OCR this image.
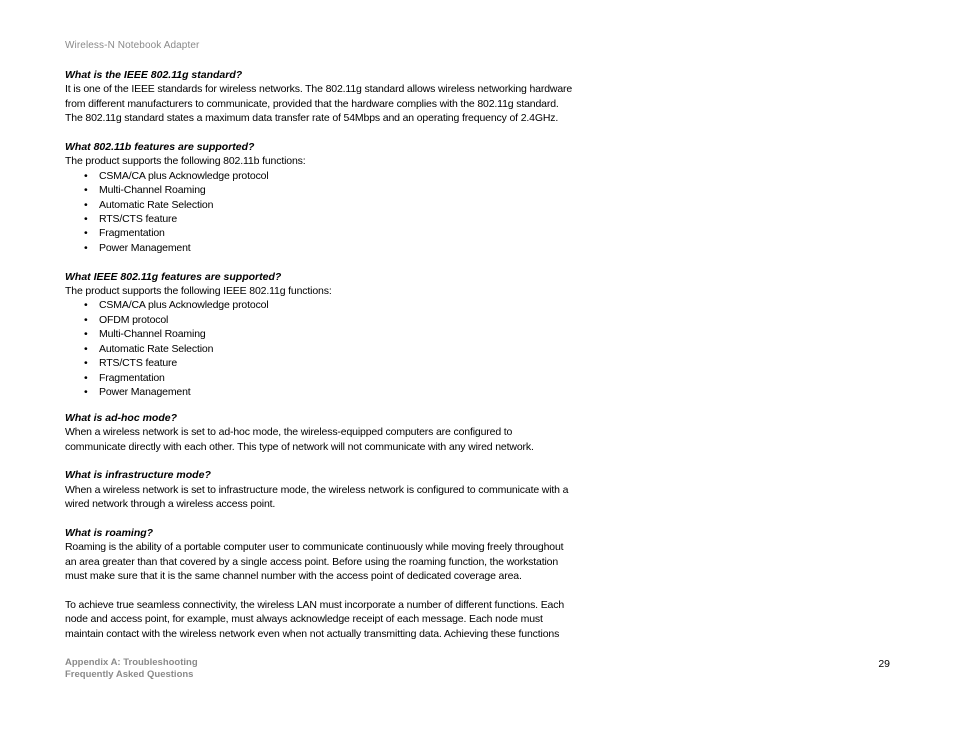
Wireless-N Notebook Adapter

What is the IEEE 802.11g standard?

It is one of the IEEE standards for wireless networks. The 802.11g standard allows wireless networking hardware

from different manufacturers to communicate, provided that the hardware complies with the 802.11g standard.

The 802.11g standard states a maximum data transfer rate of 54Mbps and an operating frequency of 2.4GHz.

What 802.11b features are supported?

The product supports the following 802.11b functions:

• CSMA/CA plus Acknowledge protocol
• Multi-Channel Roaming
• Automatic Rate Selection
• RTS/CTS feature
• Fragmentation
• Power Management

What IEEE 802.11g features are supported?

The product supports the following IEEE 802.11g functions:

• CSMA/CA plus Acknowledge protocol
• OFDM protocol
• Multi-Channel Roaming
• Automatic Rate Selection
• RTS/CTS feature
• Fragmentation
• Power Management

What is ad-hoc mode?

When a wireless network is set to ad-hoc mode, the wireless-equipped computers are configured to

communicate directly with each other. This type of network will not communicate with any wired network.

What is infrastructure mode?

When a wireless network is set to infrastructure mode, the wireless network is configured to communicate with a

wired network through a wireless access point.

What is roaming?

Roaming is the ability of a portable computer user to communicate continuously while moving freely throughout

an area greater than that covered by a single access point. Before using the roaming function, the workstation

must make sure that it is the same channel number with the access point of dedicated coverage area.

To achieve true seamless connectivity, the wireless LAN must incorporate a number of different functions. Each

node and access point, for example, must always acknowledge receipt of each message. Each node must

maintain contact with the wireless network even when not actually transmitting data. Achieving these functions

Appendix A: Troubleshooting
Frequently Asked Questions
29
